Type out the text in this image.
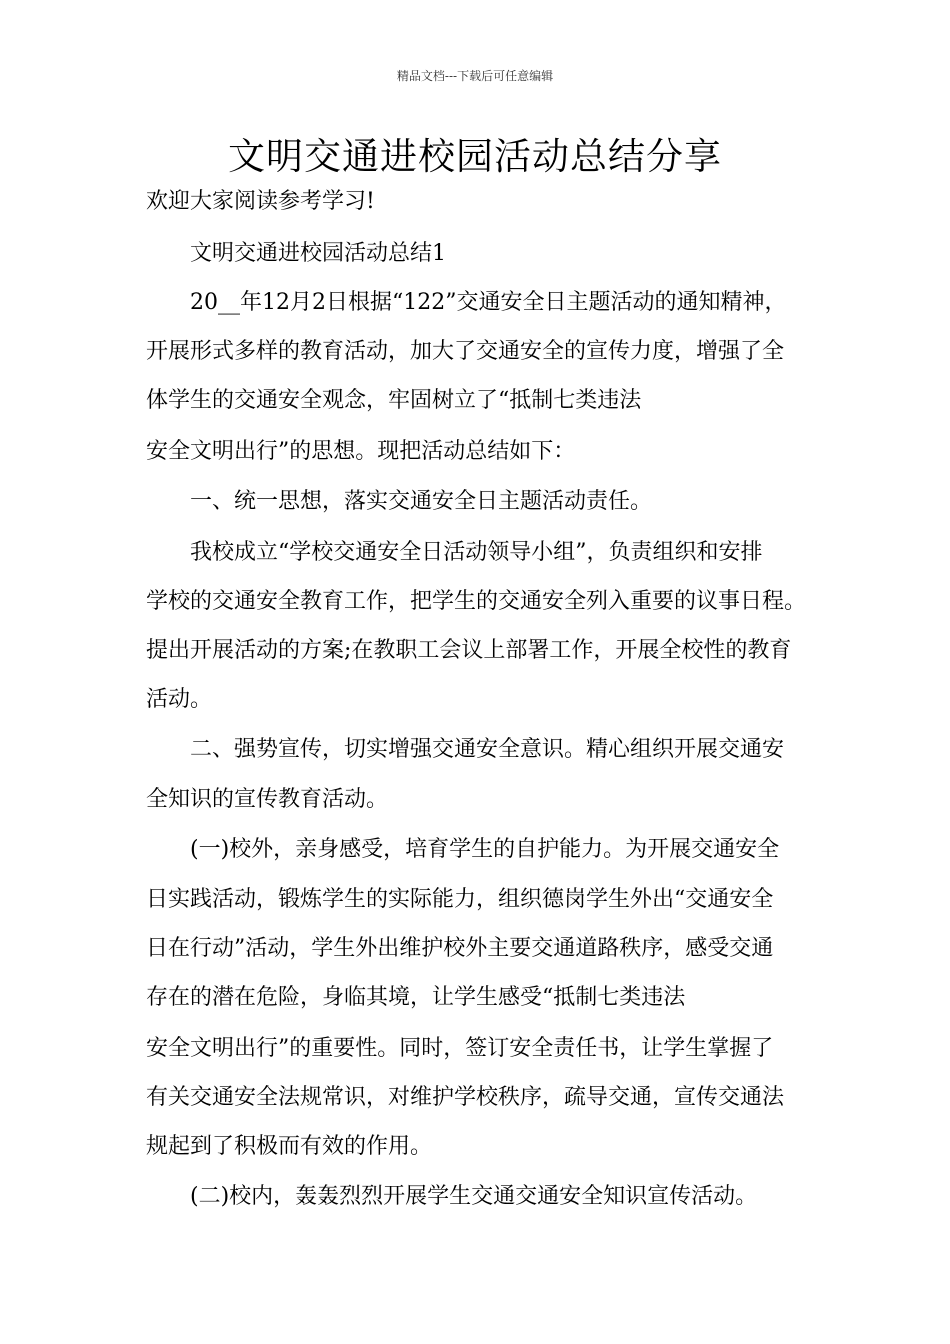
精品文档---下载后可任意编辑
文明交通进校园活动总结分享
欢迎大家阅读参考学习!
文明交通进校园活动总结1
20__年12月2日根据“122”交通安全日主题活动的通知精神，
开展形式多样的教育活动，加大了交通安全的宣传力度，增强了全
体学生的交通安全观念，牢固树立了“抵制七类违法
安全文明出行”的思想。现把活动总结如下：
一、统一思想，落实交通安全日主题活动责任。
我校成立“学校交通安全日活动领导小组”，负责组织和安排
学校的交通安全教育工作，把学生的交通安全列入重要的议事日程。
提出开展活动的方案;在教职工会议上部署工作，开展全校性的教育
活动。
二、强势宣传，切实增强交通安全意识。精心组织开展交通安
全知识的宣传教育活动。
(一)校外，亲身感受，培育学生的自护能力。为开展交通安全
日实践活动，锻炼学生的实际能力，组织德岗学生外出“交通安全
日在行动”活动，学生外出维护校外主要交通道路秩序，感受交通
存在的潜在危险，身临其境，让学生感受“抵制七类违法
安全文明出行”的重要性。同时，签订安全责任书，让学生掌握了
有关交通安全法规常识，对维护学校秩序，疏导交通，宣传交通法
规起到了积极而有效的作用。
(二)校内，轰轰烈烈开展学生交通交通安全知识宣传活动。
